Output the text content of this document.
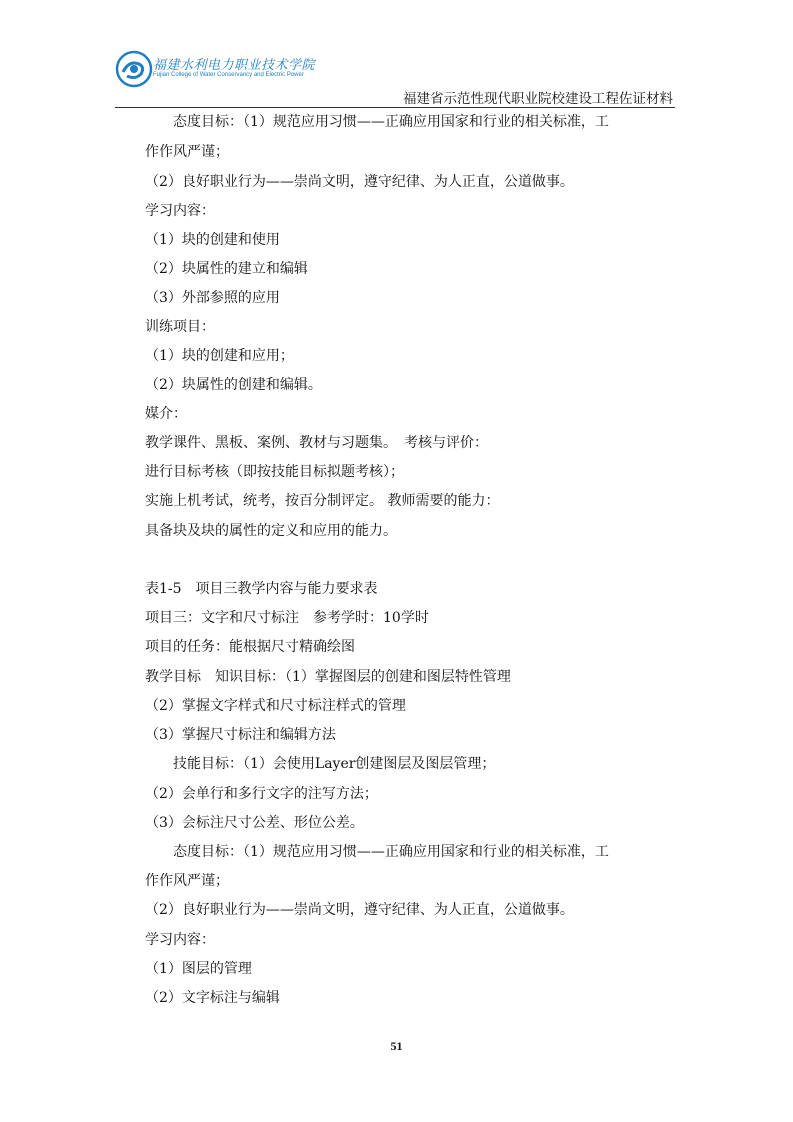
福建水利电力职业技术学院
Fujian College of Water Conservancy and Electric Power
福建省示范性现代职业院校建设工程佐证材料
态度目标：（1）规范应用习惯——正确应用国家和行业的相关标准，工
作作风严谨；
（2）良好职业行为——崇尚文明，遵守纪律、为人正直，公道做事。
学习内容：
（1）块的创建和使用
（2）块属性的建立和编辑
（3）外部参照的应用
训练项目：
（1）块的创建和应用；
（2）块属性的创建和编辑。
媒介：
教学课件、黑板、案例、教材与习题集。　考核与评价：
进行目标考核（即按技能目标拟题考核）；
实施上机考试，统考，按百分制评定。 教师需要的能力：
具备块及块的属性的定义和应用的能力。
表1-5　项目三教学内容与能力要求表
项目三：文字和尺寸标注　参考学时：10学时
项目的任务：能根据尺寸精确绘图
教学目标　知识目标：（1）掌握图层的创建和图层特性管理
（2）掌握文字样式和尺寸标注样式的管理
（3）掌握尺寸标注和编辑方法
技能目标：（1）会使用Layer创建图层及图层管理；
（2）会单行和多行文字的注写方法；
（3）会标注尺寸公差、形位公差。
态度目标：（1）规范应用习惯——正确应用国家和行业的相关标准，工
作作风严谨；
（2）良好职业行为——崇尚文明，遵守纪律、为人正直，公道做事。
学习内容：
（1）图层的管理
（2）文字标注与编辑
51
